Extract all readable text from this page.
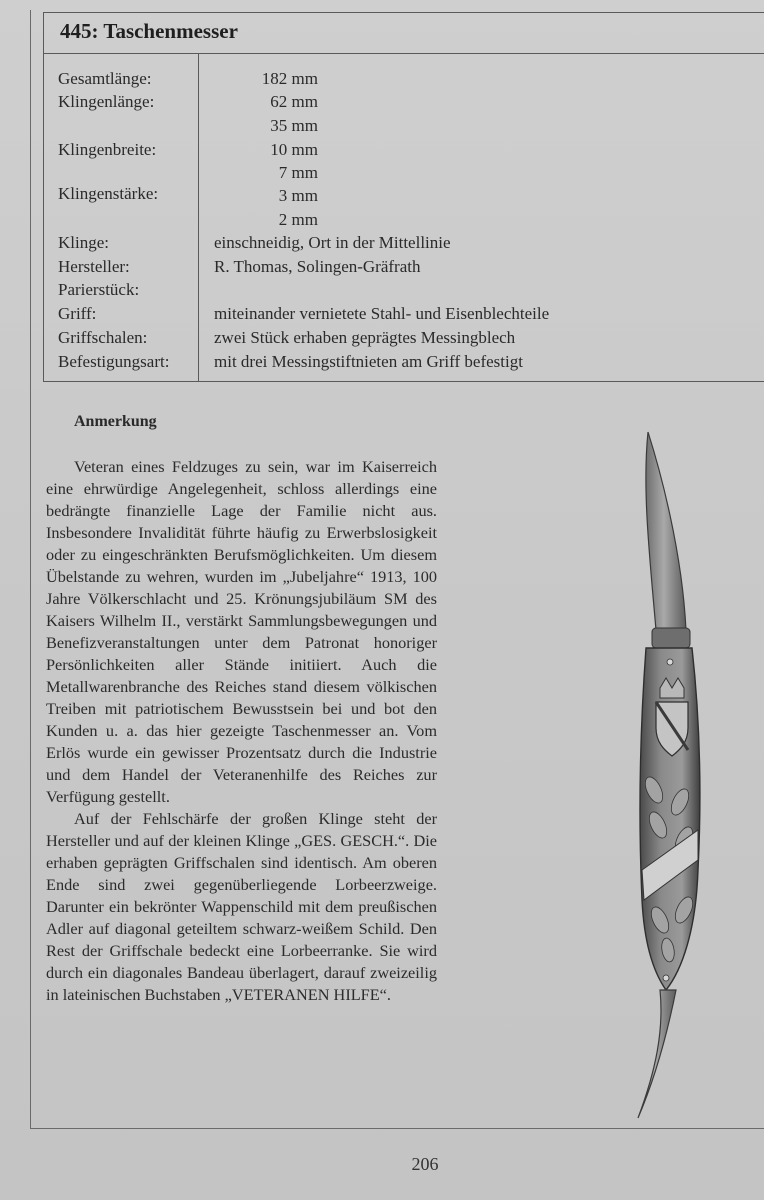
445: Taschenmesser
Gesamtlänge:
Klingenlänge:
Klingenbreite:
Klingenstärke:
Klinge:
Hersteller:
Parierstück:
Griff:
Griffschalen:
Befestigungsart:
182 mm
62 mm
35 mm
10 mm
7 mm
3 mm
2 mm
einschneidig, Ort in der Mittellinie
R. Thomas, Solingen-Gräfrath
miteinander vernietete Stahl- und Eisenblechteile
zwei Stück erhaben geprägtes Messingblech
mit drei Messingstiftnieten am Griff befestigt
Anmerkung

Veteran eines Feldzuges zu sein, war im Kaiserreich eine ehrwürdige Angelegenheit, schloss allerdings eine bedrängte finanzielle Lage der Familie nicht aus. Insbesondere Invalidität führte häufig zu Erwerbslosigkeit oder zu eingeschränkten Berufsmöglichkeiten. Um diesem Übelstande zu wehren, wurden im „Jubeljahre“ 1913, 100 Jahre Völkerschlacht und 25. Krönungsjubiläum SM des Kaisers Wilhelm II., verstärkt Sammlungsbewegungen und Benefizveranstaltungen unter dem Patronat honoriger Persönlichkeiten aller Stände initiiert. Auch die Metallwarenbranche des Reiches stand diesem völkischen Treiben mit patriotischem Bewusstsein bei und bot den Kunden u. a. das hier gezeigte Taschenmesser an. Vom Erlös wurde ein gewisser Prozentsatz durch die Industrie und dem Handel der Veteranenhilfe des Reiches zur Verfügung gestellt.

Auf der Fehlschärfe der großen Klinge steht der Hersteller und auf der kleinen Klinge „GES. GESCH.“. Die erhaben geprägten Griffschalen sind identisch. Am oberen Ende sind zwei gegenüberliegende Lorbeerzweige. Darunter ein bekrönter Wappenschild mit dem preußischen Adler auf diagonal geteiltem schwarz-weißem Schild. Den Rest der Griffschale bedeckt eine Lorbeerranke. Sie wird durch ein diagonales Bandeau überlagert, darauf zweizeilig in lateinischen Buchstaben „VETERANEN HILFE“.

206
